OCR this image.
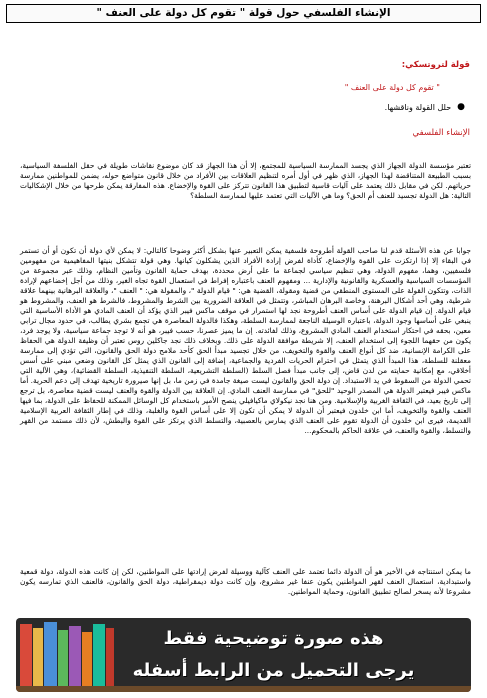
الإنشاء الفلسفي حول قولة " تقوم كل دولة على العنف "
قولة لتروتسكي:
" تقوم كل دولة على العنف "
●
حلل القولة وناقشها.
الإنشاء الفلسفي

تعتبر مؤسسة الدولة الجهاز الذي يجسد الممارسة السياسية للمجتمع، إلا أن هذا الجهاز قد كان موضوع نقاشات طويلة في حقل الفلسفة السياسية، بسبب الطبيعة المتناقضة لهذا الجهاز، الذي ظهر في أول أمره لتنظيم العلاقات بين الأفراد من خلال قانون متواضع حوله، يضمن للمواطنين ممارسة حرياتهم. لكن في مقابل ذلك يعتمد على آليات قاسية لتطبيق هذا القانون تتركز على القوة والإخضاع. هذه المفارقة يمكن طرحها من خلال الإشكاليات التالية: هل الدولة تجسيد للعنف أم الحق؟ وما هي الآليات التي تعتمد عليها لممارسة السلطة؟

جوابا عن هذه الأسئلة قدم لنا صاحب القولة أطروحة فلسفية يمكن التعبير عنها بشكل أكثر وضوحا كالتالي: لا يمكن لأي دولة أن تكون أو أن تستمر في البقاء إلا إذا ارتكزت على القوة والإخضاع، كأداة لفرض إرادة الأفراد الذين يشكلون كيانها. وهي قولة تتشكل بنيتها المفاهيمية من مفهومين فلسفيين، وهما، مفهوم الدولة، وهي تنظيم سياسي لجماعة ما على أرض محددة، بهدف حماية القانون وتأمين النظام، وذلك عبر مجموعة من المؤسسات السياسية والعسكرية والقانونية والإدارية ... ومفهوم العنف باعتباره إفراط في استعمال القوة تجاه الغير، وذلك من أجل إخضاعهم لإرادة الذات، وتتكون القولة على المستوى المنطقي من قضية ومقولة، القضية هي: " قيام الدولة "، والمقولة هي: " العنف "، والعلاقة البرهانية بينهما علاقة شرطية، وهي أحد أشكال البرهنة، وخاصة البرهان المباشر، وتتمثل في العلاقة الضرورية بين الشرط والمشروط، فالشرط هو العنف، والمشروط هو قيام الدولة. إن قيام الدولة على أساس العنف أطروحة نجد لها استمرار في موقف ماكس فيبر الذي يؤكد أن العنف المادي هو الأداة الأساسية التي ينبغي على أساسها وجود الدولة، باعتباره الوسيلة الناجعة لممارسة السلطة، وهكذا فالدولة المعاصرة هي تجمع بشري يطالب، في حدود مجال ترابي معين، بحقه في احتكار استخدام العنف المادي المشروع، وذلك لفائدته. إن ما يميز عصرنا، حسب فيبر، هو أنه لا توجد جماعة سياسية، ولا يوجد فرد، يكون من حقهما اللجوء إلى استخدام العنف، إلا شريطة موافقة الدولة على ذلك. وبخلاف ذلك نجد جاكلين روس تعتبر أن وظيفة الدولة هي الحفاظ على الكرامة الإنسانية، ضد كل أنواع العنف والقوة والتخويف، من خلال تجسيد مبدأ الحق كأحد ملامح دولة الحق والقانون، التي تؤدي إلى ممارسة معقلنة للسلطة، هذا المبدأ الذي يتمثل في احترام الحريات الفردية والجماعية، إضافة إلى القانون الذي يمثل كل القانون وضعي مبني على أسس أخلاقي، مع إمكانية حمايته من لدن قاض، إلى جانب مبدأ فصل السلط (السلطة التشريعية، السلطة التنفيذية، السلطة القضائية)، وهي الآلية التي تحمي الدولة من السقوط في يد الاستبداد. إن دولة الحق والقانون ليست صيغة جامدة في زمن ما، بل إنها صيرورة تاريخية تهدف إلى دعم الحرية. أما ماكس فيبر فيعتبر الدولة هي المصدر الوحيد "للحق" في ممارسة العنف المادي. إن العلاقة بين الدولة والقوة والعنف ليست قضية معاصرة، بل ترجع إلى تاريخ بعيد، في الثقافة الغربية والإسلامية. ومن هنا نجد نيكولاي ماكيافيلي ينصح الأمير باستخدام كل الوسائل الممكنة للحفاظ على الدولة، بما فيها العنف والقوة والتخويف، أما ابن خلدون فيعتبر أن الدولة لا يمكن أن تكون إلا على أساس القوة والغلبة، وذلك في إطار الثقافة العربية الإسلامية القديمة، فيرى ابن خلدون أن الدولة تقوم على العنف الذي يمارس بالعصبية، والتسلط الذي يرتكز على القوة والبطش، لأن ذلك مستمد من القهر والتسلط، والقوة والعنف، في علاقة الحاكم بالمحكوم...

ما يمكن استنتاجه في الأخير هو أن الدولة دائما تعتمد على العنف كآلية ووسيلة لفرض إرادتها على المواطنين، لكن إن كانت هذه الدولة، دولة قمعية واستبدادية، استعمال العنف لقهر المواطنين يكون عنفا غير مشروع، وإن كانت دولة ديمقراطية، دولة الحق والقانون، فالعنف الذي تمارسه يكون مشروعا لأنه يسخر لصالح تطبيق القانون، وحماية المواطنين.

هذه صورة توضيحية فقط
يرجى التحميل من الرابط أسفله
